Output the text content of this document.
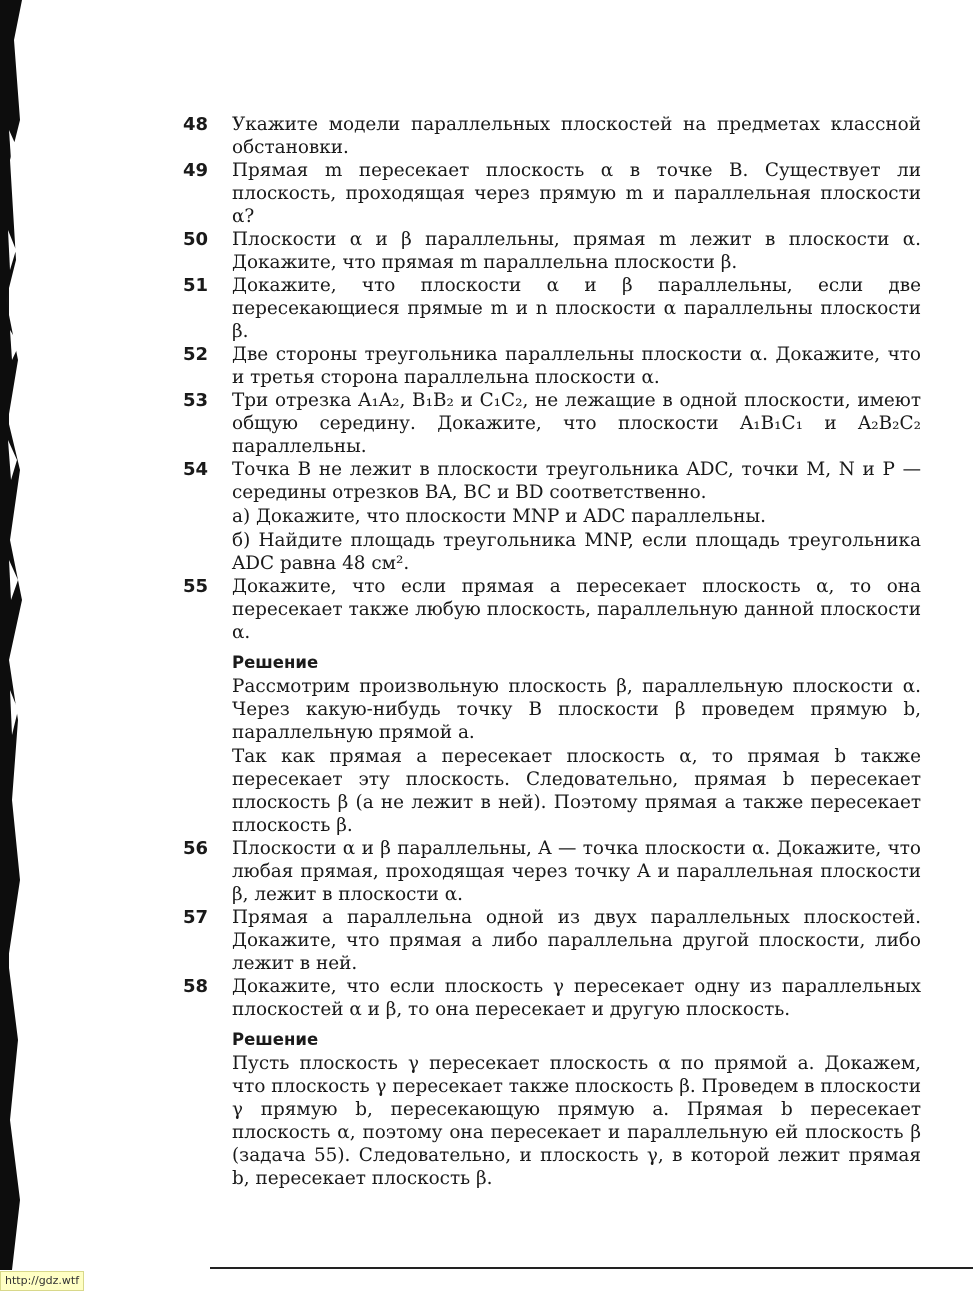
48	Укажите модели параллельных плоскостей на предметах классной обстановки.

49	Прямая m пересекает плоскость α в точке B. Существует ли плоскость, проходящая через прямую m и параллельная плоскости α?

50	Плоскости α и β параллельны, прямая m лежит в плоскости α. Докажите, что прямая m параллельна плоскости β.

51	Докажите, что плоскости α и β параллельны, если две пересекающиеся прямые m и n плоскости α параллельны плоскости β.

52	Две стороны треугольника параллельны плоскости α. Докажите, что и третья сторона параллельна плоскости α.

53	Три отрезка A₁A₂, B₁B₂ и C₁C₂, не лежащие в одной плоскости, имеют общую середину. Докажите, что плоскости A₁B₁C₁ и A₂B₂C₂ параллельны.

54	Точка B не лежит в плоскости треугольника ADC, точки M, N и P — середины отрезков BA, BC и BD соответственно.

а) Докажите, что плоскости MNP и ADC параллельны.

б) Найдите площадь треугольника MNP, если площадь треугольника ADC равна 48 см².

55	Докажите, что если прямая a пересекает плоскость α, то она пересекает также любую плоскость, параллельную данной плоскости α.

Решение

Рассмотрим произвольную плоскость β, параллельную плоскости α. Через какую-нибудь точку B плоскости β проведем прямую b, параллельную прямой a.

Так как прямая a пересекает плоскость α, то прямая b также пересекает эту плоскость. Следовательно, прямая b пересекает плоскость β (а не лежит в ней). Поэтому прямая a также пересекает плоскость β.

56	Плоскости α и β параллельны, A — точка плоскости α. Докажите, что любая прямая, проходящая через точку A и параллельная плоскости β, лежит в плоскости α.

57	Прямая a параллельна одной из двух параллельных плоскостей. Докажите, что прямая a либо параллельна другой плоскости, либо лежит в ней.

58	Докажите, что если плоскость γ пересекает одну из параллельных плоскостей α и β, то она пересекает и другую плоскость.

Решение

Пусть плоскость γ пересекает плоскость α по прямой a. Докажем, что плоскость γ пересекает также плоскость β. Проведем в плоскости γ прямую b, пересекающую прямую a. Прямая b пересекает плоскость α, поэтому она пересекает и параллельную ей плоскость β (задача 55). Следовательно, и плоскость γ, в которой лежит прямая b, пересекает плоскость β.

http://gdz.wtf
